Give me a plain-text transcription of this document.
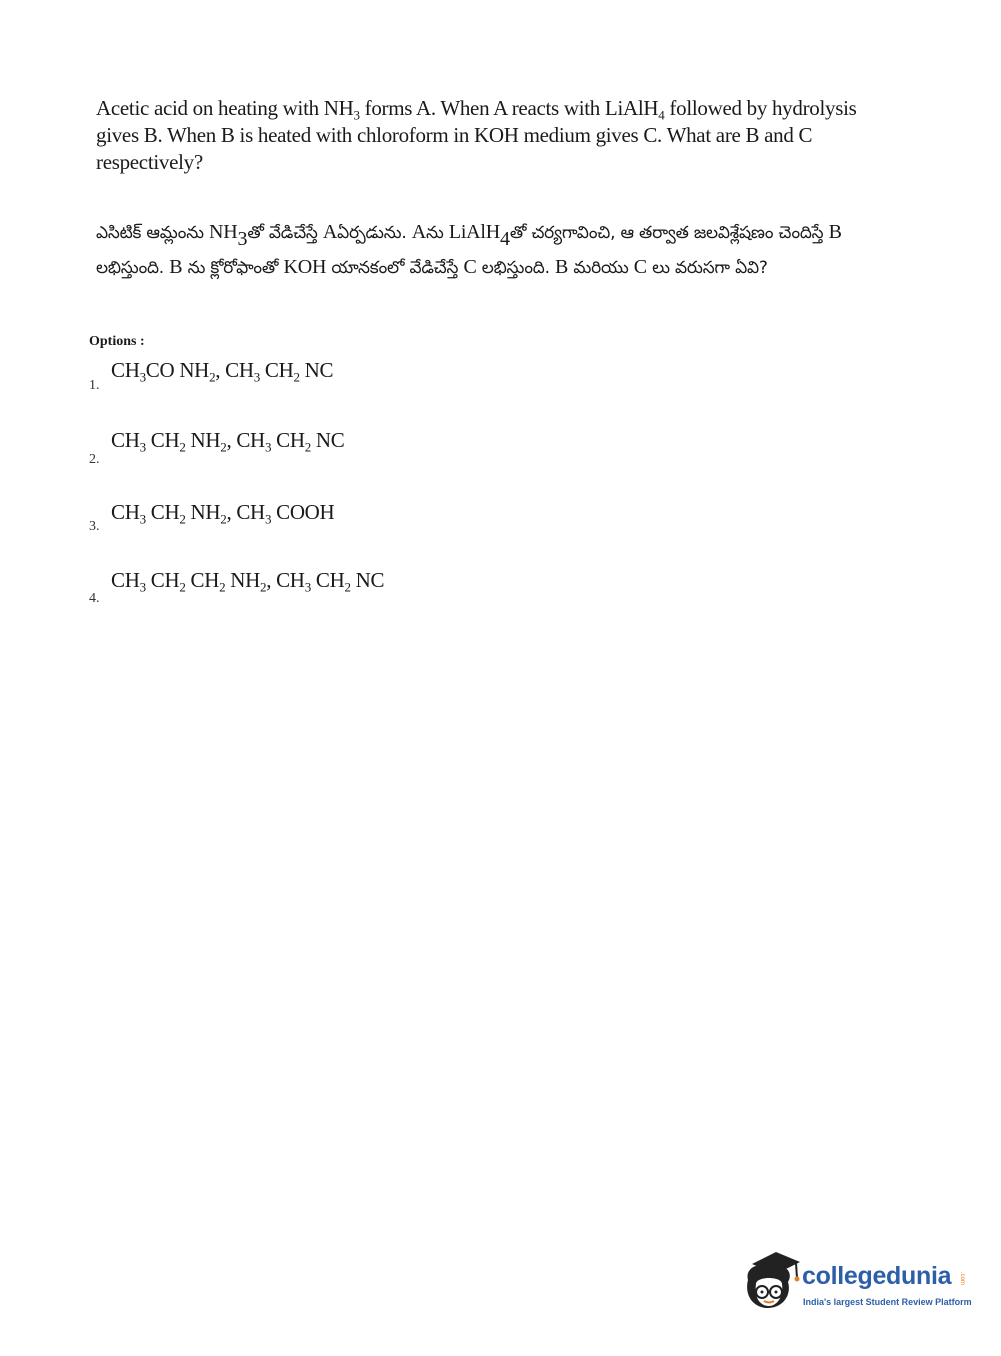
Acetic acid on heating with $NH_3$ forms A. When A reacts with LiAlH$_4$ followed by hydrolysis gives B. When B is heated with chloroform in KOH medium gives C. What are B and C respectively?
ఎసిటిక్ ఆమ్లంను $NH_3తో$ వేడిచేస్తే Aఏర్పడును. Aను LiAlH$_4$తో చర్యగావించి, ఆ తర్వాత జలవిశ్లేషణం చెందిస్తే B లభిస్తుంది. B ను క్లోరోఫాంతో KOH యానకంలో వేడిచేస్తే C లభిస్తుంది. B మరియు C లు వరుసగా ఏవి?
Options :
1.
$CH_3CO$ $NH_2$, $CH_3$ $CH_2$ NC
2.
$CH_3$ $CH_2$ $NH_2$, $CH_3$ $CH_2$ NC
3.
$CH_3$ $CH_2$ $NH_2$, $CH_3$ COOH
4.
$CH_3$ $CH_2$ $CH_2$ $NH_2$, $CH_3$ $CH_2$ NC
collegedunia .com
India's largest Student Review Platform
